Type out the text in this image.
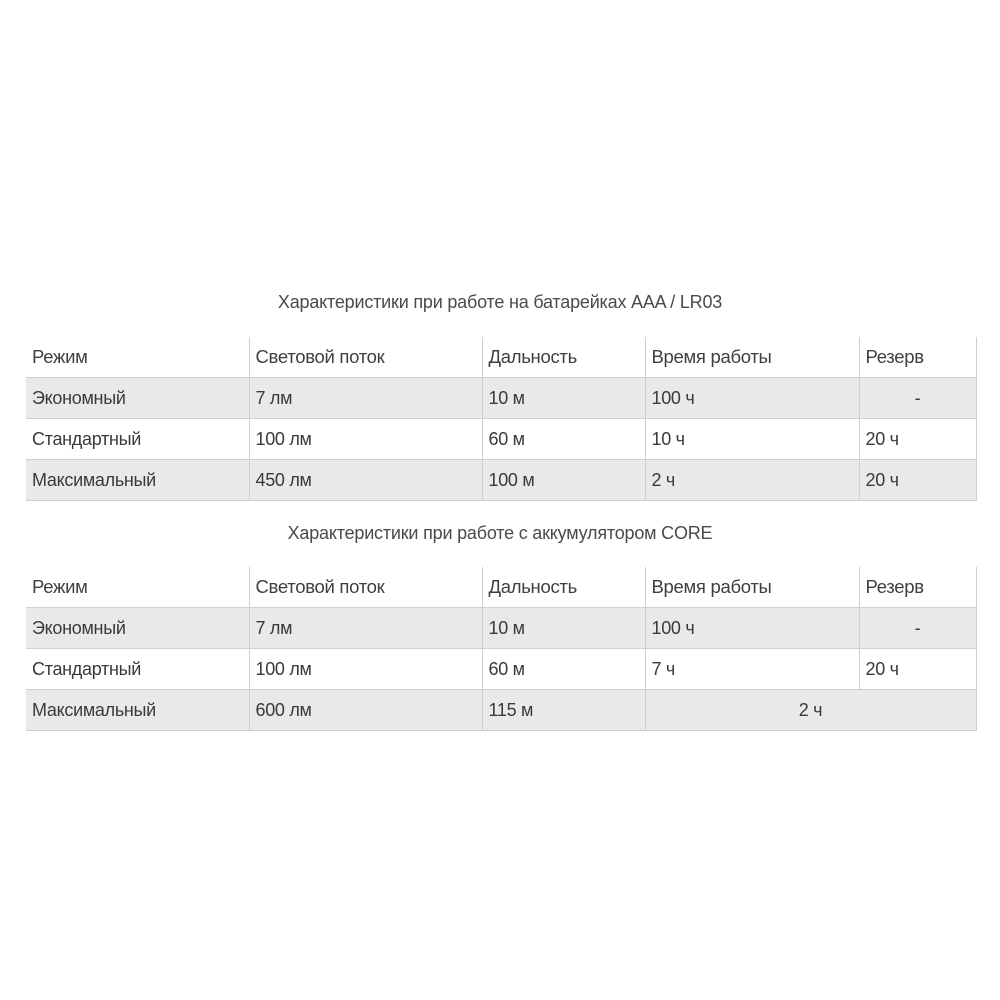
Характеристики при работе на батарейках AAA / LR03
Режим	Световой поток	Дальность	Время работы	Резерв
Экономный	7 лм	10 м	100 ч	-
Стандартный	100 лм	60 м	10 ч	20 ч
Максимальный	450 лм	100 м	2 ч	20 ч
Характеристики при работе с аккумулятором CORE
Режим	Световой поток	Дальность	Время работы	Резерв
Экономный	7 лм	10 м	100 ч	-
Стандартный	100 лм	60 м	7 ч	20 ч
Максимальный	600 лм	115 м	2 ч	
